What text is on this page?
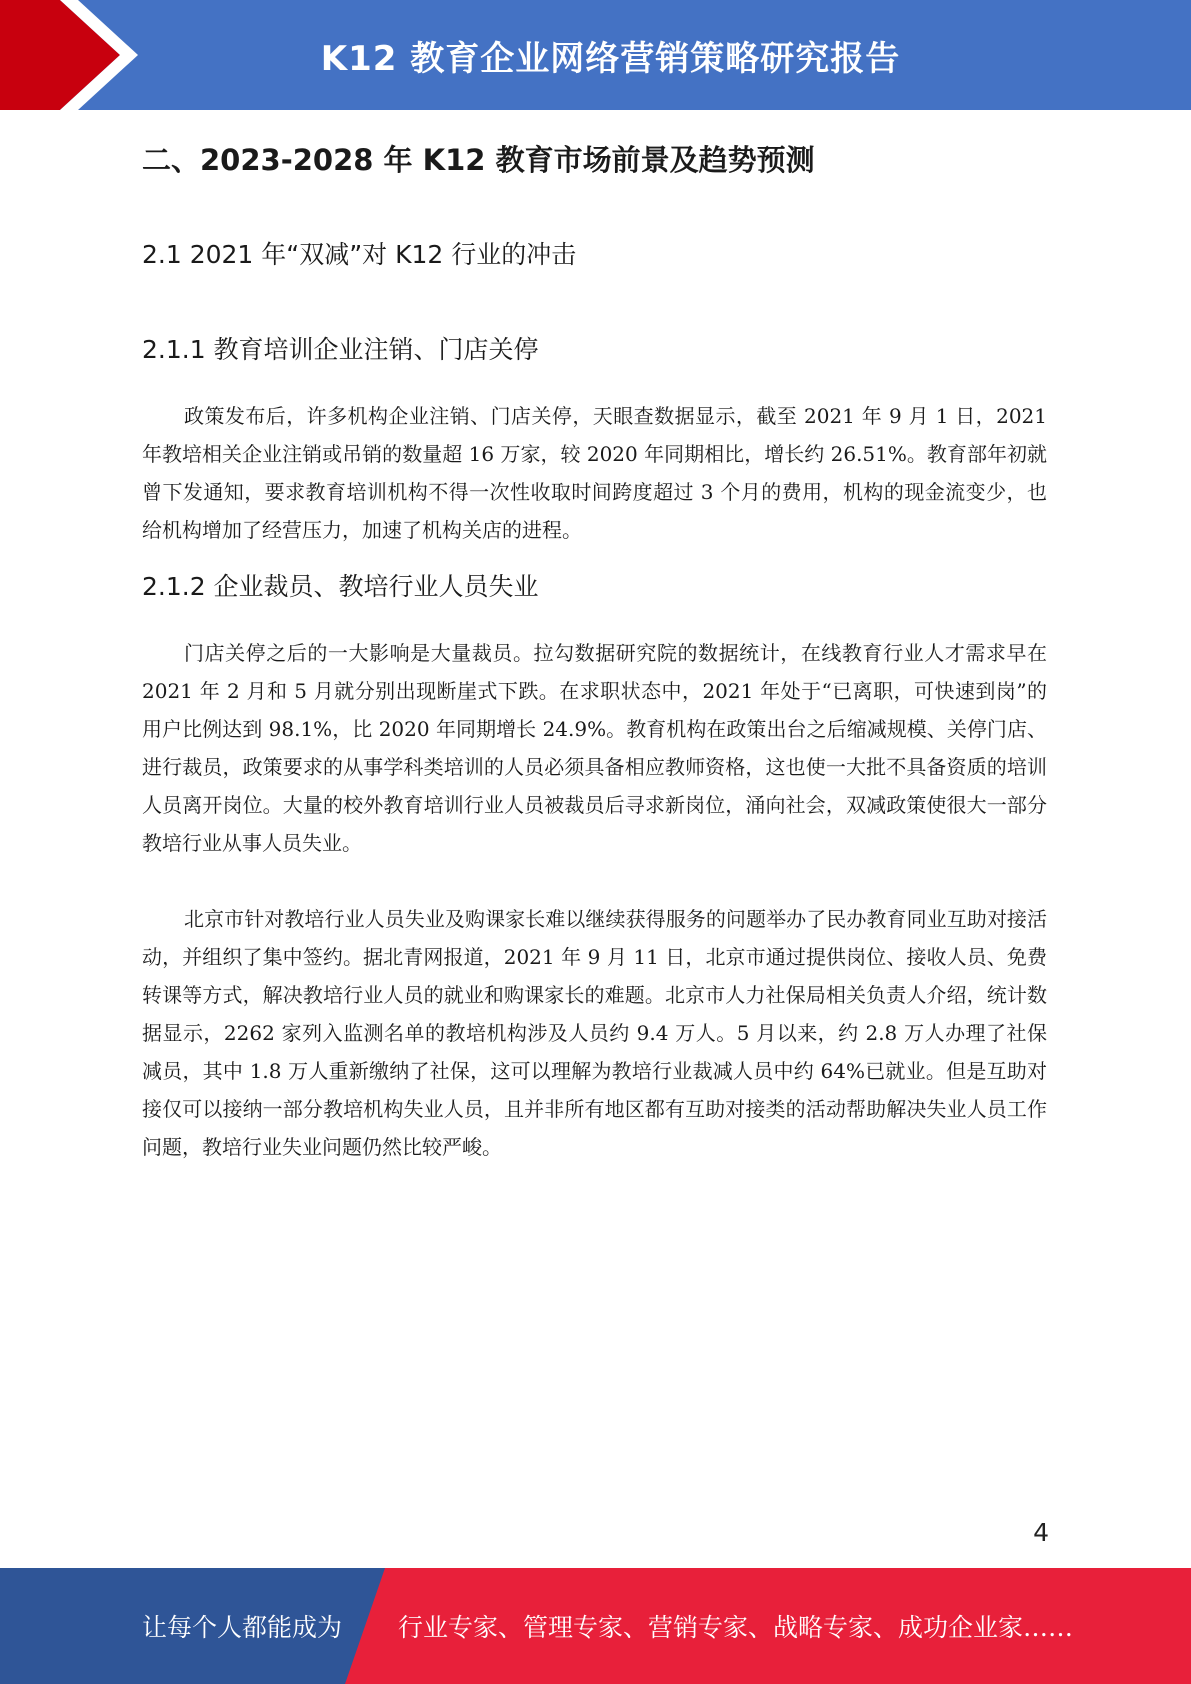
K12 教育企业网络营销策略研究报告
二、2023-2028 年 K12 教育市场前景及趋势预测
2.1 2021 年“双减”对 K12 行业的冲击
2.1.1 教育培训企业注销、门店关停

政策发布后，许多机构企业注销、门店关停，天眼查数据显示，截至 2021 年 9 月 1 日，2021 年教培相关企业注销或吊销的数量超 16 万家，较 2020 年同期相比，增长约 26.51%。教育部年初就曾下发通知，要求教育培训机构不得一次性收取时间跨度超过 3 个月的费用，机构的现金流变少，也给机构增加了经营压力，加速了机构关店的进程。

2.1.2 企业裁员、教培行业人员失业

门店关停之后的一大影响是大量裁员。拉勾数据研究院的数据统计，在线教育行业人才需求早在 2021 年 2 月和 5 月就分别出现断崖式下跌。在求职状态中，2021 年处于“已离职，可快速到岗”的用户比例达到 98.1%，比 2020 年同期增长 24.9%。教育机构在政策出台之后缩减规模、关停门店、进行裁员，政策要求的从事学科类培训的人员必须具备相应教师资格，这也使一大批不具备资质的培训人员离开岗位。大量的校外教育培训行业人员被裁员后寻求新岗位，涌向社会，双减政策使很大一部分教培行业从事人员失业。

北京市针对教培行业人员失业及购课家长难以继续获得服务的问题举办了民办教育同业互助对接活动，并组织了集中签约。据北青网报道，2021 年 9 月 11 日，北京市通过提供岗位、接收人员、免费转课等方式，解决教培行业人员的就业和购课家长的难题。北京市人力社保局相关负责人介绍，统计数据显示，2262 家列入监测名单的教培机构涉及人员约 9.4 万人。5 月以来，约 2.8 万人办理了社保减员，其中 1.8 万人重新缴纳了社保，这可以理解为教培行业裁减人员中约 64%已就业。但是互助对接仅可以接纳一部分教培机构失业人员，且并非所有地区都有互助对接类的活动帮助解决失业人员工作问题，教培行业失业问题仍然比较严峻。

4
让每个人都能成为 行业专家、管理专家、营销专家、战略专家、成功企业家……
